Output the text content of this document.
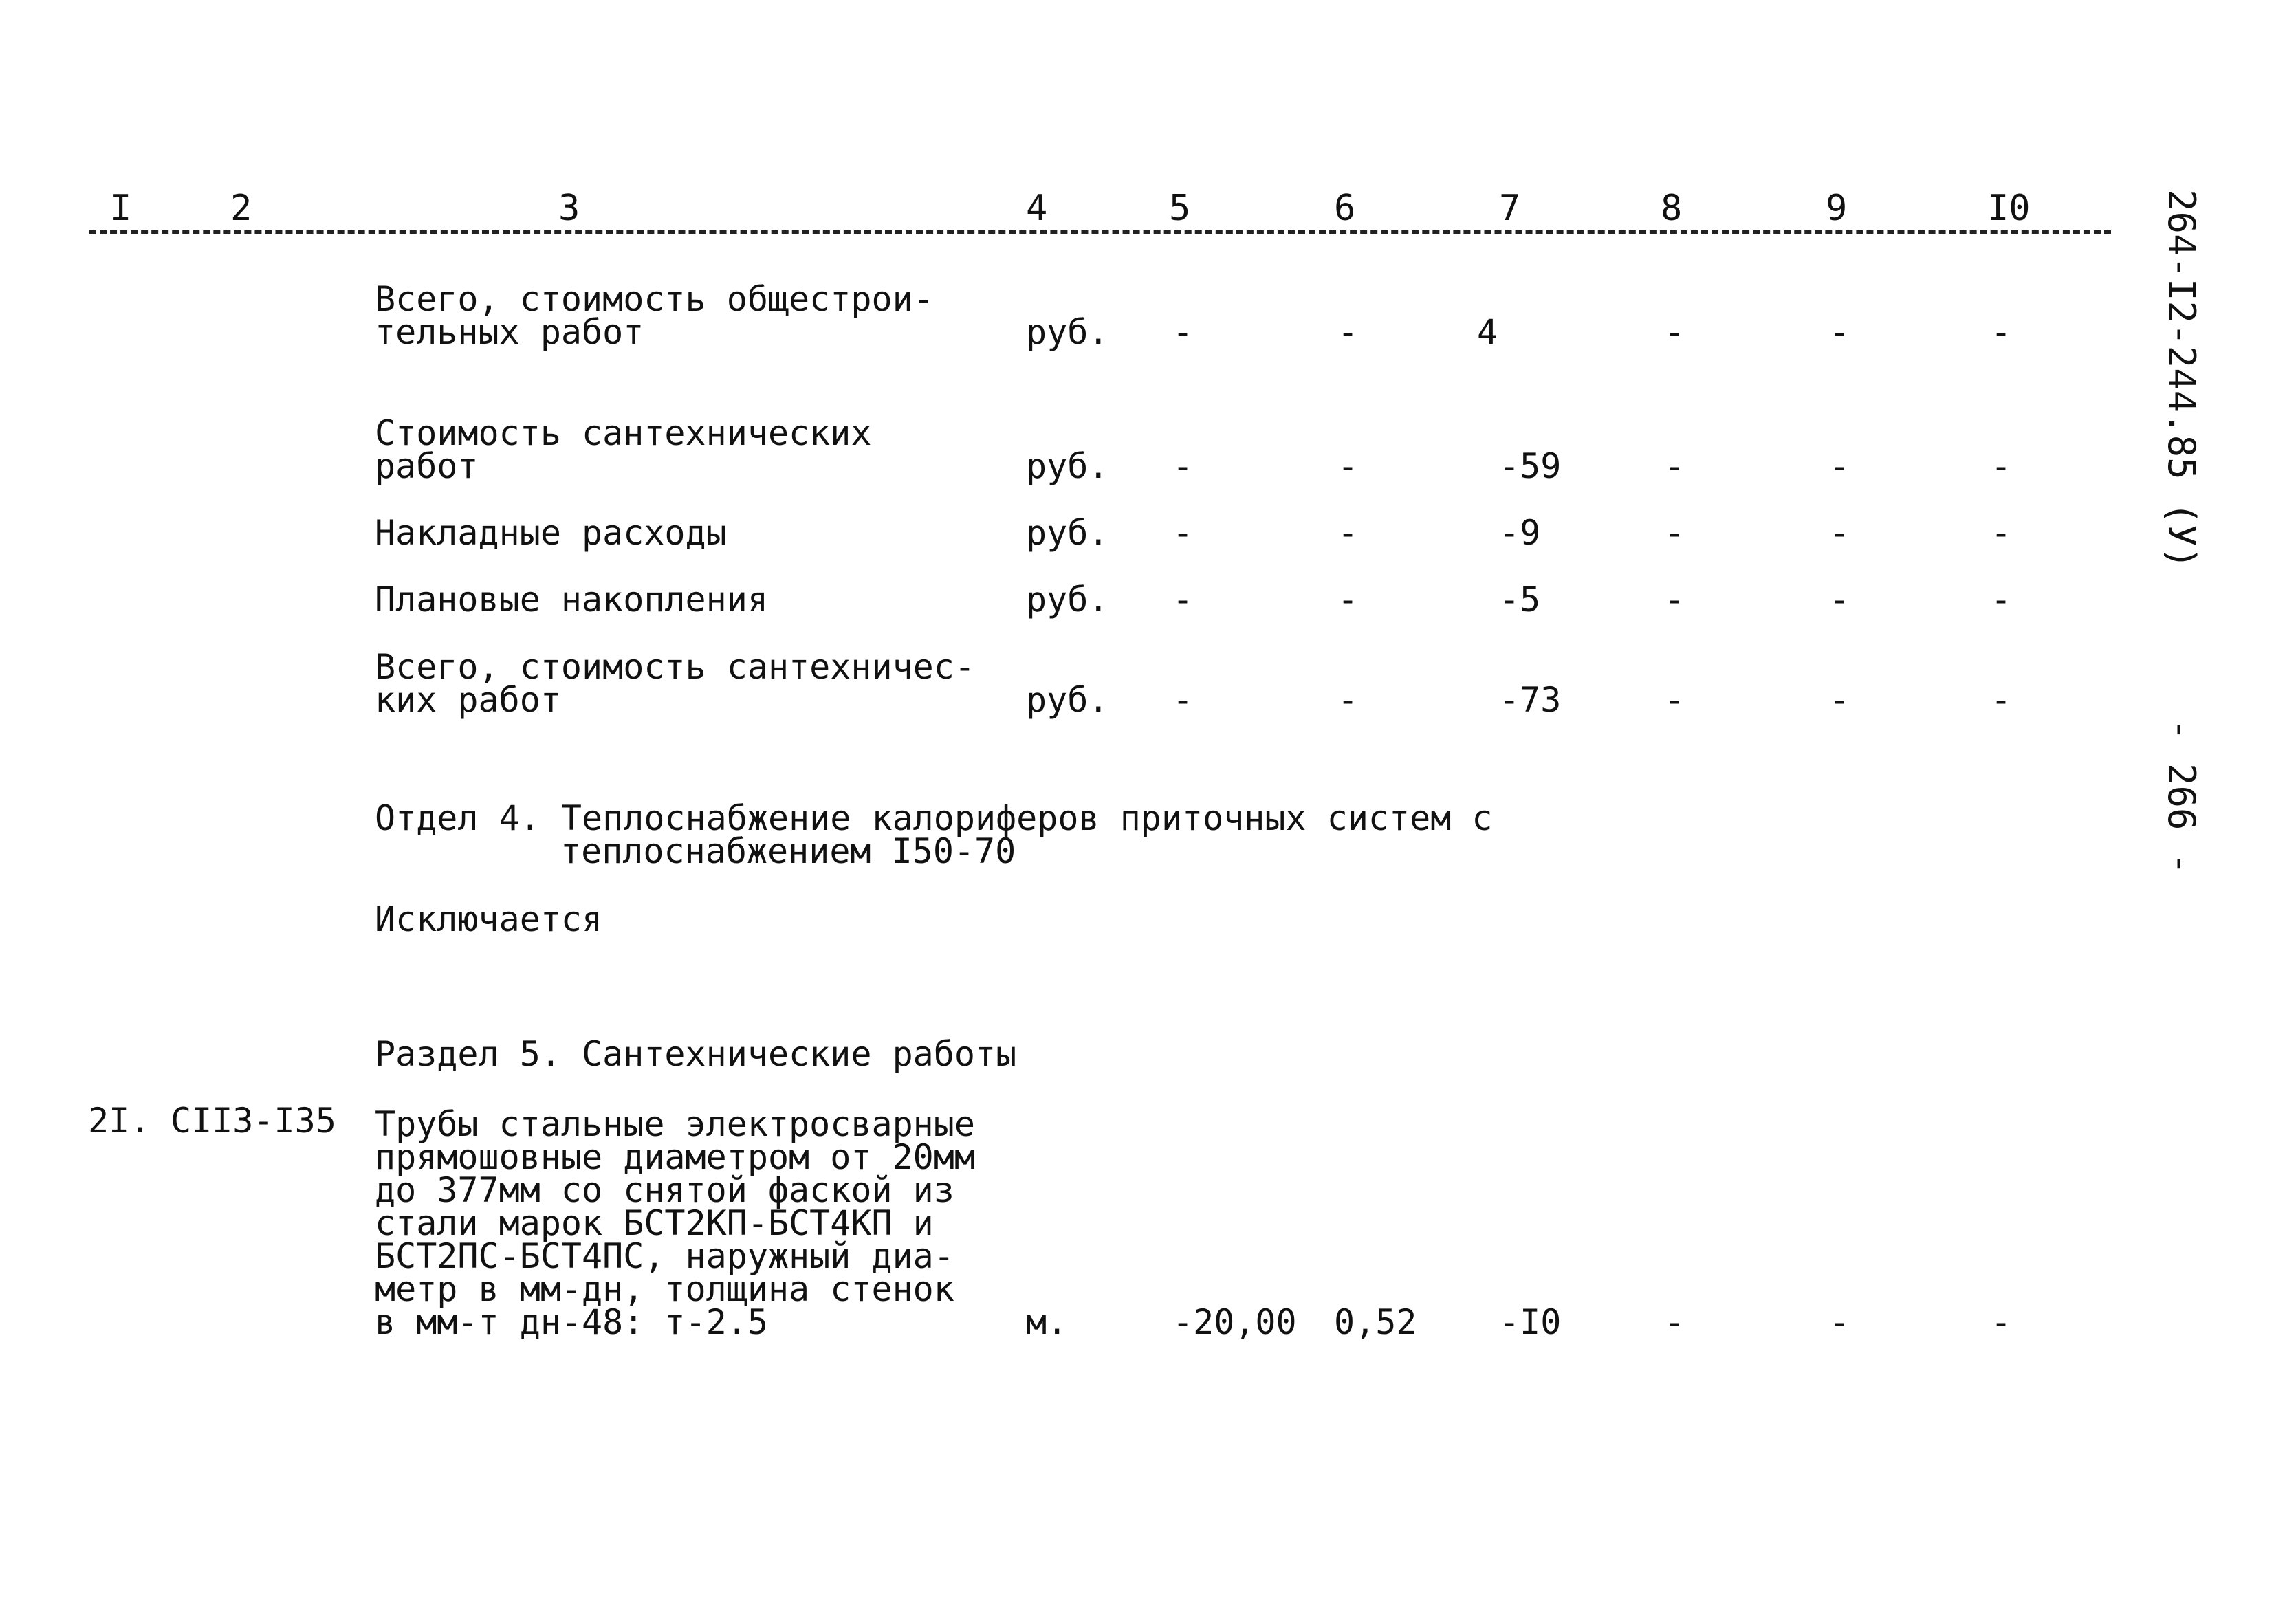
I	2	3	4	5	6	7	8	9	I0
Всего, стоимость общестрои-
тельных работ	руб. -	-	4	-	-	-
Стоимость сантехнических
работ	руб. -	-	-59	-	-	-
Накладные расходы	руб. -	-	-9	-	-	-
Плановые накопления	руб. -	-	-5	-	-	-
Всего, стоимость сантехничес-
ких работ	руб. -	-	-73	-	-	-
Отдел 4. Теплоснабжение калориферов приточных систем с
теплоснабжением I50-70
Исключается
Раздел 5. Сантехнические работы
2I. СII3-I35 Трубы стальные электросварные
прямошовные диаметром от 20мм
до 377мм со снятой фаской из
стали марок БСТ2КП-БСТ4КП и
БСТ2ПС-БСТ4ПС, наружный диа-
метр в мм-дн, толщина стенок
в мм-т дн-48: т-2.5	м.	-20,00 0,52 -I0	-	-	-
264-I2-244.85 (У)
- 266 -
